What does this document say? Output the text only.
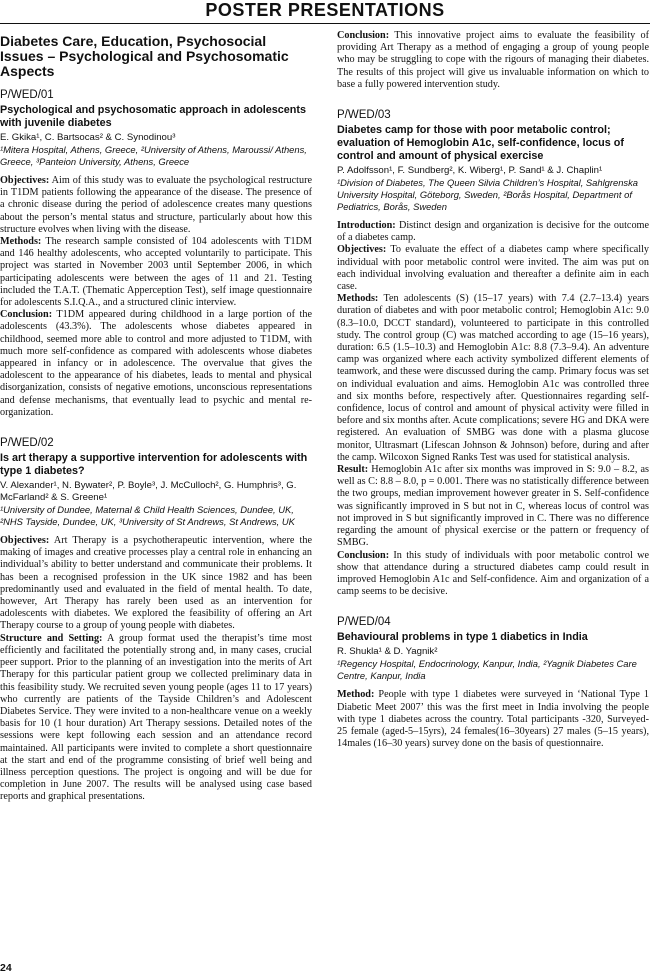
POSTER PRESENTATIONS
Diabetes Care, Education, Psychosocial Issues – Psychological and Psychosomatic Aspects
P/WED/01
Psychological and psychosomatic approach in adolescents with juvenile diabetes
E. Gkika¹, C. Bartsocas² & C. Synodinou³
¹Mitera Hospital, Athens, Greece, ²University of Athens, Maroussi/ Athens, Greece, ³Panteion University, Athens, Greece

Objectives: Aim of this study was to evaluate the psychological restructure in T1DM patients following the appearance of the disease. The presence of a chronic disease during the period of adolescence creates many questions about the person’s mental status and structure, particularly about how this structure evolves when living with the disease.

Methods: The research sample consisted of 104 adolescents with T1DM and 146 healthy adolescents, who accepted voluntarily to participate. This project was started in November 2003 until September 2006, in which participating adolescents were between the ages of 11 and 21. Testing included the T.A.T. (Thematic Apperception Test), self image questionnaire for adolescents S.I.Q.A., and a structured clinic interview.

Conclusion: T1DM appeared during childhood in a large portion of the adolescents (43.3%). The adolescents whose diabetes appeared in childhood, seemed more able to control and more adjusted to T1DM, with much more self-confidence as compared with adolescents whose diabetes appeared in infancy or in adolescence. The overvalue that gives the adolescent to the appearance of his diabetes, leads to mental and physical disorganization, consists of negative emotions, unconscious representations and defense mechanisms, that eventually lead to psychic and mental re-organization.

P/WED/02
Is art therapy a supportive intervention for adolescents with type 1 diabetes?
V. Alexander¹, N. Bywater², P. Boyle³, J. McCulloch², G. Humphris³, G. McFarland² & S. Greene¹
¹University of Dundee, Maternal & Child Health Sciences, Dundee, UK, ²NHS Tayside, Dundee, UK, ³University of St Andrews, St Andrews, UK

Objectives: Art Therapy is a psychotherapeutic intervention, where the making of images and creative processes play a central role in enhancing an individual’s ability to better understand and communicate their problems. It has been a recognised profession in the UK since 1982 and has been predominantly used and evaluated in the field of mental health. To date, however, Art Therapy has rarely been used as an intervention for adolescents with diabetes. We explored the feasibility of offering an Art Therapy course to a group of young people with diabetes.

Structure and Setting: A group format used the therapist’s time most efficiently and facilitated the potentially strong and, in many cases, crucial peer support. Prior to the planning of an investigation into the merits of Art Therapy for this particular patient group we collected preliminary data in this feasibility study. We recruited seven young people (ages 11 to 17 years) who currently are patients of the Tayside Children’s and Adolescent Diabetes Service. They were invited to a non-healthcare venue on a weekly basis for 10 (1 hour duration) Art Therapy sessions. Detailed notes of the sessions were kept following each session and an attendance record maintained. All participants were invited to complete a short questionnaire at the start and end of the programme consisting of brief well being and illness perception questions. The project is ongoing and will be due for completion in June 2007. The results will be analysed using case based reports and graphical presentations.

Conclusion: This innovative project aims to evaluate the feasibility of providing Art Therapy as a method of engaging a group of young people who may be struggling to cope with the rigours of managing their diabetes. The results of this project will give us invaluable information on which to base a fully powered intervention study.

P/WED/03
Diabetes camp for those with poor metabolic control; evaluation of Hemoglobin A1c, self-confidence, locus of control and amount of physical exercise
P. Adolfsson¹, F. Sundberg², K. Wiberg¹, P. Sand¹ & J. Chaplin¹
¹Division of Diabetes, The Queen Silvia Children’s Hospital, Sahlgrenska University Hospital, Göteborg, Sweden, ²Borås Hospital, Department of Pediatrics, Borås, Sweden

Introduction: Distinct design and organization is decisive for the outcome of a diabetes camp.

Objectives: To evaluate the effect of a diabetes camp where specifically individual with poor metabolic control were invited. The aim was put on each individual involving evaluation and thereafter a definite aim in each case.

Methods: Ten adolescents (S) (15–17 years) with 7.4 (2.7–13.4) years duration of diabetes and with poor metabolic control; Hemoglobin A1c: 9.0 (8.3–10.0, DCCT standard), volunteered to participate in this controlled study. The control group (C) was matched according to age (15–16 years), duration: 6.5 (1.5–10.3) and Hemoglobin A1c: 8.8 (7.3–9.4). An adventure camp was organized where each activity symbolized different elements of teamwork, and these were discussed during the camp. Primary focus was set on individual evaluation and aims. Hemoglobin A1c was controlled three and six months before, respectively after. Questionnaires regarding self-confidence, locus of control and amount of physical activity were filled in before and six months after. Acute complications; severe HG and DKA were registered. An evaluation of SMBG was done with a plasma glucose monitor, Ultrasmart (Lifescan Johnson & Johnson) before, during and after the camp. Wilcoxon Signed Ranks Test was used for statistical analysis.

Result: Hemoglobin A1c after six months was improved in S: 9.0 – 8.2, as well as C: 8.8 – 8.0, p = 0.001. There was no statistically difference between the two groups, median improvement however greater in S. Self-confidence was significantly improved in S but not in C, whereas locus of control was not improved in S but significantly improved in C. There was no difference regarding the amount of physical exercise or the pattern or frequency of SMBG.

Conclusion: In this study of individuals with poor metabolic control we show that attendance during a structured diabetes camp could result in improved Hemoglobin A1c and Self-confidence. Aim and organization of a camp seems to be decisive.

P/WED/04
Behavioural problems in type 1 diabetics in India
R. Shukla¹ & D. Yagnik²
¹Regency Hospital, Endocrinology, Kanpur, India, ²Yagnik Diabetes Care Centre, Kanpur, India

Method: People with type 1 diabetes were surveyed in ‘National Type 1 Diabetic Meet 2007’ this was the first meet in India involving the people with type 1 diabetes across the country. Total participants -320, Surveyed- 25 female (aged-5–15yrs), 24 females(16–30years) 27 males (5–15 years), 14males (16–30 years) survey done on the basis of questionnaire.

24
